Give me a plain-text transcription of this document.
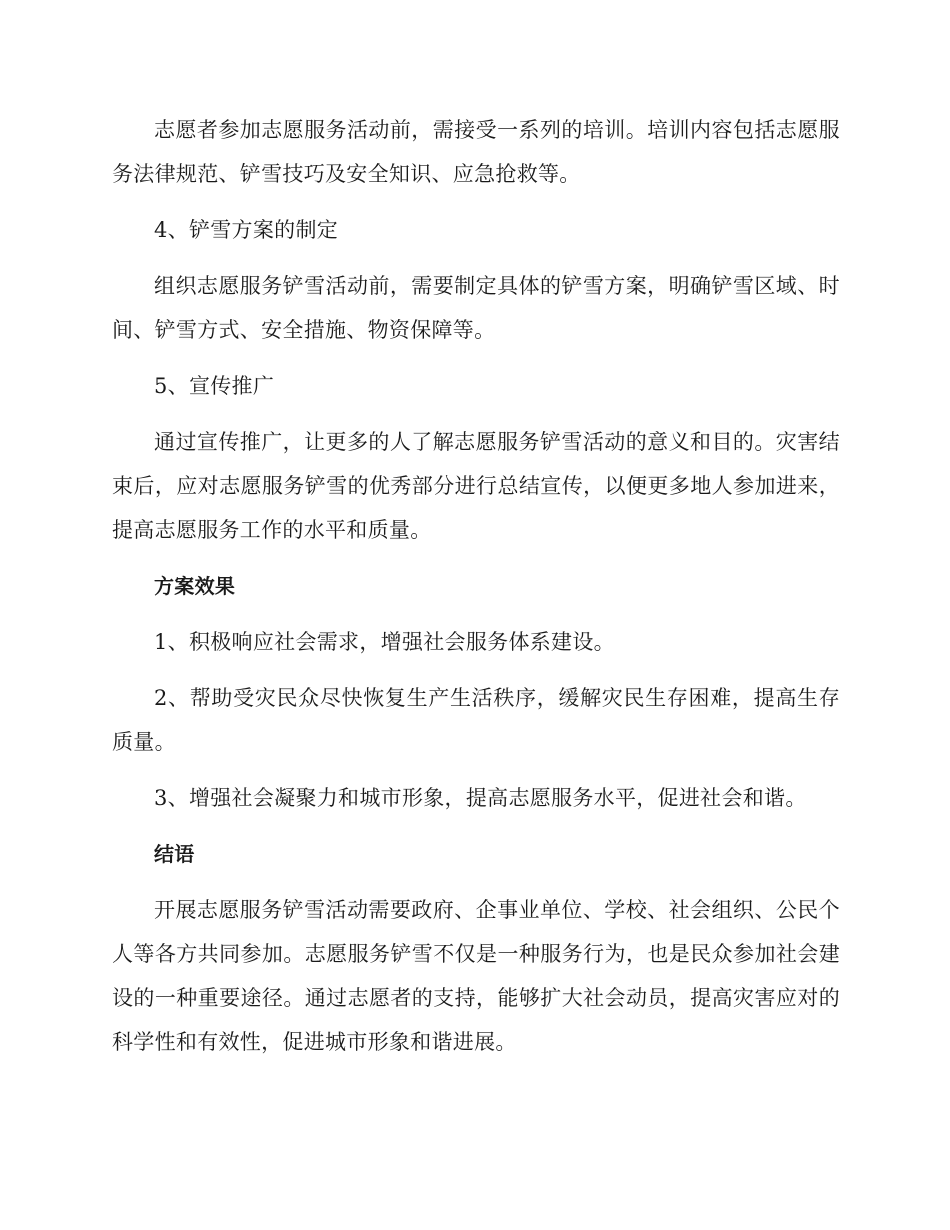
志愿者参加志愿服务活动前，需接受一系列的培训。培训内容包括志愿服务法律规范、铲雪技巧及安全知识、应急抢救等。

4、铲雪方案的制定

组织志愿服务铲雪活动前，需要制定具体的铲雪方案，明确铲雪区域、时间、铲雪方式、安全措施、物资保障等。

5、宣传推广

通过宣传推广，让更多的人了解志愿服务铲雪活动的意义和目的。灾害结束后，应对志愿服务铲雪的优秀部分进行总结宣传，以便更多地人参加进来，提高志愿服务工作的水平和质量。

方案效果

1、积极响应社会需求，增强社会服务体系建设。

2、帮助受灾民众尽快恢复生产生活秩序，缓解灾民生存困难，提高生存质量。

3、增强社会凝聚力和城市形象，提高志愿服务水平，促进社会和谐。

结语

开展志愿服务铲雪活动需要政府、企事业单位、学校、社会组织、公民个人等各方共同参加。志愿服务铲雪不仅是一种服务行为，也是民众参加社会建设的一种重要途径。通过志愿者的支持，能够扩大社会动员，提高灾害应对的科学性和有效性，促进城市形象和谐进展。
